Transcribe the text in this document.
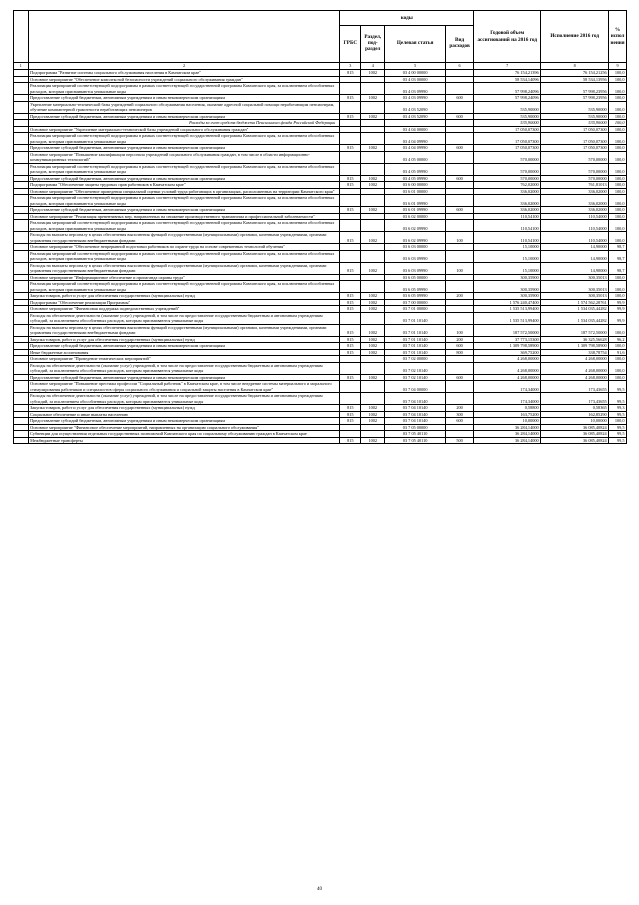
		коды				Годовой объем ассигнований на 2016 год	Исполнение 2016 год	% испол нения
		ГРБС	Раздел, под-раздел	Целевая статья	Вид расходов			
1	2	3	4	5	6	7	8	9
	Подпрограмма "Развитие системы социального обслуживания населения в Камчатском крае"	815	1002	03 4 00 00000		76 154,21396	76 154,21256	100,0
	Основное мероприятие "Обеспечение комплексной безопасности учреждений социального обслуживания граждан"			03 4 03 00000		58 534,14096	58 534,13956	100,0
	Реализация мероприятий соответствующей подпрограммы в рамках соответствующей государственной программы Камчатского края, за исключением обособленных расходов, которым присваиваются уникальные коды			03 4 03 09990		57 998,24096	57 998,23956	100,0
	Предоставление субсидий бюджетным, автономным учреждениям и иным некоммерческим организациям	815	1002	03 4 03 09990	600	57 998,24096	57 998,23956	100,0
	Укрепление материально-технической базы учреждений социального обслуживания населения, оказание адресной социальной помощи неработающим пенсионерам, обучение компьютерной грамотности неработающих пенсионеров			03 4 03 52090		535,90000	535,90000	100,0
	Предоставление субсидий бюджетным, автономным учреждениям и иным некоммерческим организациям	815	1002	03 4 03 52090	600	535,90000	535,90000	100,0
	Расходы за счет средств бюджета Пенсионного фонда Российской Федерации					535,90000	535,90000	100,0
	Основное мероприятие "Укрепление материально-технической базы учреждений социального обслуживания граждан"			03 4 04 00000		17 050,07300	17 050,07300	100,0
	Реализация мероприятий соответствующей подпрограммы в рамках соответствующей государственной программы Камчатского края, за исключением обособленных расходов, которым присваиваются уникальные коды			03 4 04 09990		17 050,07300	17 050,07300	100,0
	Предоставление субсидий бюджетным, автономным учреждениям и иным некоммерческим организациям	815	1002	03 4 04 09990	600	17 050,07300	17 050,07300	100,0
	Основное мероприятие "Повышение квалификации персонала учреждений социального обслуживания граждан, в том числе в области информационно-коммуникационных технологий"			03 4 05 00000		570,00000	570,00000	100,0
	Реализация мероприятий соответствующей подпрограммы в рамках соответствующей государственной программы Камчатского края, за исключением обособленных расходов, которым присваиваются уникальные коды			03 4 05 09990		570,00000	570,00000	100,0
	Предоставление субсидий бюджетным, автономным учреждениям и иным некоммерческим организациям	815	1002	03 4 05 09990	600	570,00000	570,00000	100,0
	Подпрограмма "Обеспечение защиты трудовых прав работников в Камчатском крае"	815	1002	03 6 00 00000		762,02000	761,81013	100,0
	Основное мероприятие "Обеспечение проведения специальной оценки условий труда работающих в организациях, расположенных на территории Камчатского края"			03 6 01 00000		336,02000	336,02000	100,0
	Реализация мероприятий соответствующей подпрограммы в рамках соответствующей государственной программы Камчатского края, за исключением обособленных расходов, которым присваиваются уникальные коды			03 6 01 09990		336,02000	336,02000	100,0
	Предоставление субсидий бюджетным, автономным учреждениям и иным некоммерческим организациям	815	1002	03 6 01 09990	600	336,02000	336,02000	100,0
	Основное мероприятие "Реализация превентивных мер, направленных на снижение производственного травматизма и профессиональной заболеваемости"			03 6 02 00000		110,54100	110,54000	100,0
	Реализация мероприятий соответствующей подпрограммы в рамках соответствующей государственной программы Камчатского края, за исключением обособленных расходов, которым присваиваются уникальные коды			03 6 02 09990		110,54100	110,54000	100,0
	Расходы на выплаты персоналу в целях обеспечения выполнения функций государственными (муниципальными) органами, казенными учреждениями, органами управления государственными внебюджетными фондами	815	1002	03 6 02 09990	100	110,54100	110,54000	100,0
	Основное мероприятие "Обеспечение непрерывной подготовки работников по охране труда на основе современных технологий обучения"			03 6 03 00000		15,10000	14,90000	98,7
	Реализация мероприятий соответствующей подпрограммы в рамках соответствующей государственной программы Камчатского края, за исключением обособленных расходов, которым присваиваются уникальные коды			03 6 03 09990		15,10000	14,90000	98,7
	Расходы на выплаты персоналу в целях обеспечения выполнения функций государственными (муниципальными) органами, казенными учреждениями, органами управления государственными внебюджетными фондами	815	1002	03 6 03 09990	100	15,10000	14,90000	98,7
	Основное мероприятие "Информационное обеспечение и пропаганда охраны труда"			03 6 05 00000		300,35900	300,35013	100,0
	Реализация мероприятий соответствующей подпрограммы в рамках соответствующей государственной программы Камчатского края, за исключением обособленных расходов, которым присваиваются уникальные коды			03 6 05 09990		300,35900	300,35013	100,0
	Закупка товаров, работ и услуг для обеспечения государственных (муниципальных) нужд	815	1002	03 6 05 09990	200	300,35900	300,35013	100,0
	Подпрограмма "Обеспечение реализации Программы"	815	1002	03 7 00 00000		1 576 240,47400	1 574 562,28761	99,9
	Основное мероприятие "Финансовая поддержка подведомственных учреждений"	815	1002	03 7 01 00000		1 535 513,99400	1 534 035,44282	99,9
	Расходы на обеспечение деятельности (оказание услуг) учреждений, в том числе на предоставление государственным бюджетным и автономным учреждениям субсидий, за исключением обособленных расходов, которым присваиваются уникальные коды			03 7 01 10140		1 535 513,99400	1 534 035,44282	99,9
	Расходы на выплаты персоналу в целях обеспечения выполнения функций государственными (муниципальными) органами, казенными учреждениями, органами управления государственными внебюджетными фондами	815	1002	03 7 01 10140	100	187 572,50000	187 572,50000	100,0
	Закупка товаров, работ и услуг для обеспечения государственных (муниципальных) нужд	815	1002	03 7 01 10140	200	37 773,15300	36 325,56628	96,2
	Предоставление субсидий бюджетным, автономным учреждениям и иным некоммерческим организациям	815	1002	03 7 01 10140	600	1 309 798,58900	1 309 798,58900	100,0
	Иные бюджетные ассигнования	815	1002	03 7 01 10140	800	369,75200	338,78754	91,6
	Основное мероприятие "Проведение тематических мероприятий"			03 7 02 00000		4 268,00000	4 268,00000	100,0
	Расходы на обеспечение деятельности (оказание услуг) учреждений, в том числе на предоставление государственным бюджетным и автономным учреждениям субсидий, за исключением обособленных расходов, которым присваиваются уникальные коды			03 7 02 10140		4 268,00000	4 268,00000	100,0
	Предоставление субсидий бюджетным, автономным учреждениям и иным некоммерческим организациям	815	1002	03 7 02 10140	600	4 268,00000	4 268,00000	100,0
	Основное мероприятие "Повышение престижа профессии "Социальный работник" в Камчатском крае, в том числе внедрение системы материального и морального стимулирования работников и специалистов сферы социального обслуживания и социальной защиты населения в Камчатском крае"			03 7 04 00000		174,34000	173,43655	99,5
	Расходы на обеспечение деятельности (оказание услуг) учреждений, в том числе на предоставление государственным бюджетным и автономным учреждениям субсидий, за исключением обособленных расходов, которым присваиваются уникальные коды			03 7 04 10140		174,34000	173,43655	99,5
	Закупка товаров, работ и услуг для обеспечения государственных (муниципальных) нужд	815	1002	03 7 04 10140	200	0,58800	0,58365	99,3
	Социальное обеспечение и иные выплаты населению	815	1002	03 7 04 10140	300	163,75200	162,85290	99,5
	Предоставление субсидий бюджетным, автономным учреждениям и иным некоммерческим организациям	815	1002	03 7 04 10140	600	10,00000	10,00000	100,0
	Основное мероприятие "Финансовое обеспечение мероприятий, направленных на организацию социального обслуживания"			03 7 05 00000		36 284,14000	36 085,40824	99,5
	Субвенции для осуществления отдельных государственных полномочий Камчатского края по социальному обслуживанию граждан в Камчатском крае			03 7 05 40110		36 284,14000	36 085,40824	99,5
	Межбюджетные трансферты	815	1002	03 7 05 40110	500	36 284,14000	36 085,40824	99,5
40
